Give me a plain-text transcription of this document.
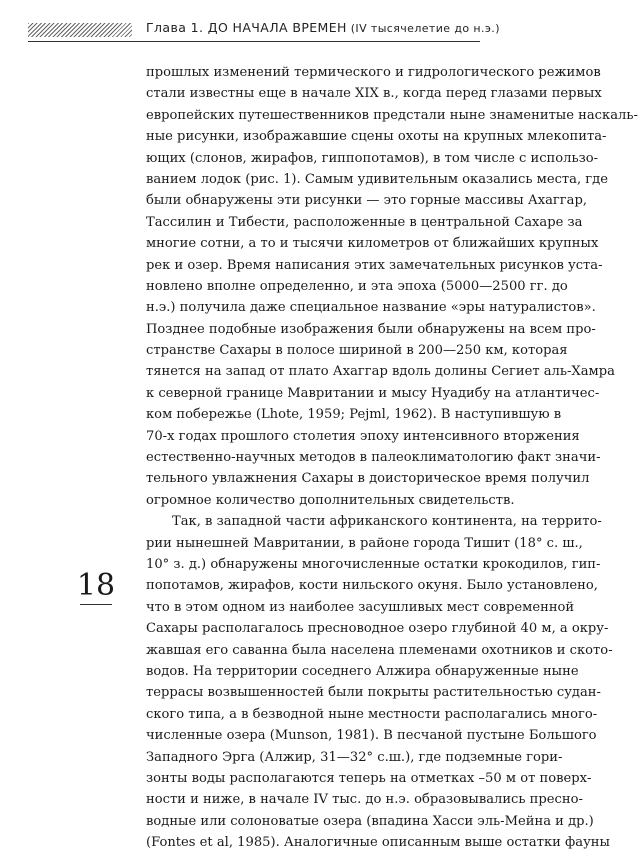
Глава 1. ДО НАЧАЛА ВРЕМЕН (IV тысячелетие до н.э.)
прошлых изменений термического и гидрологического режимов
стали известны еще в начале XIX в., когда перед глазами первых
европейских путешественников предстали ныне знаменитые наскаль-
ные рисунки, изображавшие сцены охоты на крупных млекопита-
ющих (слонов, жирафов, гиппопотамов), в том числе с использо-
ванием лодок (рис. 1). Самым удивительным оказались места, где
были обнаружены эти рисунки — это горные массивы Ахаггар,
Тассилин и Тибести, расположенные в центральной Сахаре за
многие сотни, а то и тысячи километров от ближайших крупных
рек и озер. Время написания этих замечательных рисунков уста-
новлено вполне определенно, и эта эпоха (5000—2500 гг. до
н.э.) получила даже специальное название «эры натуралистов».
Позднее подобные изображения были обнаружены на всем про-
странстве Сахары в полосе шириной в 200—250 км, которая
тянется на запад от плато Ахаггар вдоль долины Сегиет аль-Хамра
к северной границе Мавритании и мысу Нуадибу на атлантичес-
ком побережье (Lhote, 1959; Pejml, 1962). В наступившую в
70-х годах прошлого столетия эпоху интенсивного вторжения
естественно-научных методов в палеоклиматологию факт значи-
тельного увлажнения Сахары в доисторическое время получил
огромное количество дополнительных свидетельств.
Так, в западной части африканского континента, на террито-
рии нынешней Мавритании, в районе города Тишит (18° с. ш.,
10° з. д.) обнаружены многочисленные остатки крокодилов, гип-
попотамов, жирафов, кости нильского окуня. Было установлено,
что в этом одном из наиболее засушливых мест современной
Сахары располагалось пресноводное озеро глубиной 40 м, а окру-
жавшая его саванна была населена племенами охотников и ското-
водов. На территории соседнего Алжира обнаруженные ныне
террасы возвышенностей были покрыты растительностью судан-
ского типа, а в безводной ныне местности располагались много-
численные озера (Munson, 1981). В песчаной пустыне Большого
Западного Эрга (Алжир, 31—32° с.ш.), где подземные гори-
зонты воды располагаются теперь на отметках –50 м от поверх-
ности и ниже, в начале IV тыс. до н.э. образовывались пресно-
водные или солоноватые озера (впадина Хасси эль-Мейна и др.)
(Fontes et al, 1985). Аналогичные описанным выше остатки фауны
18
